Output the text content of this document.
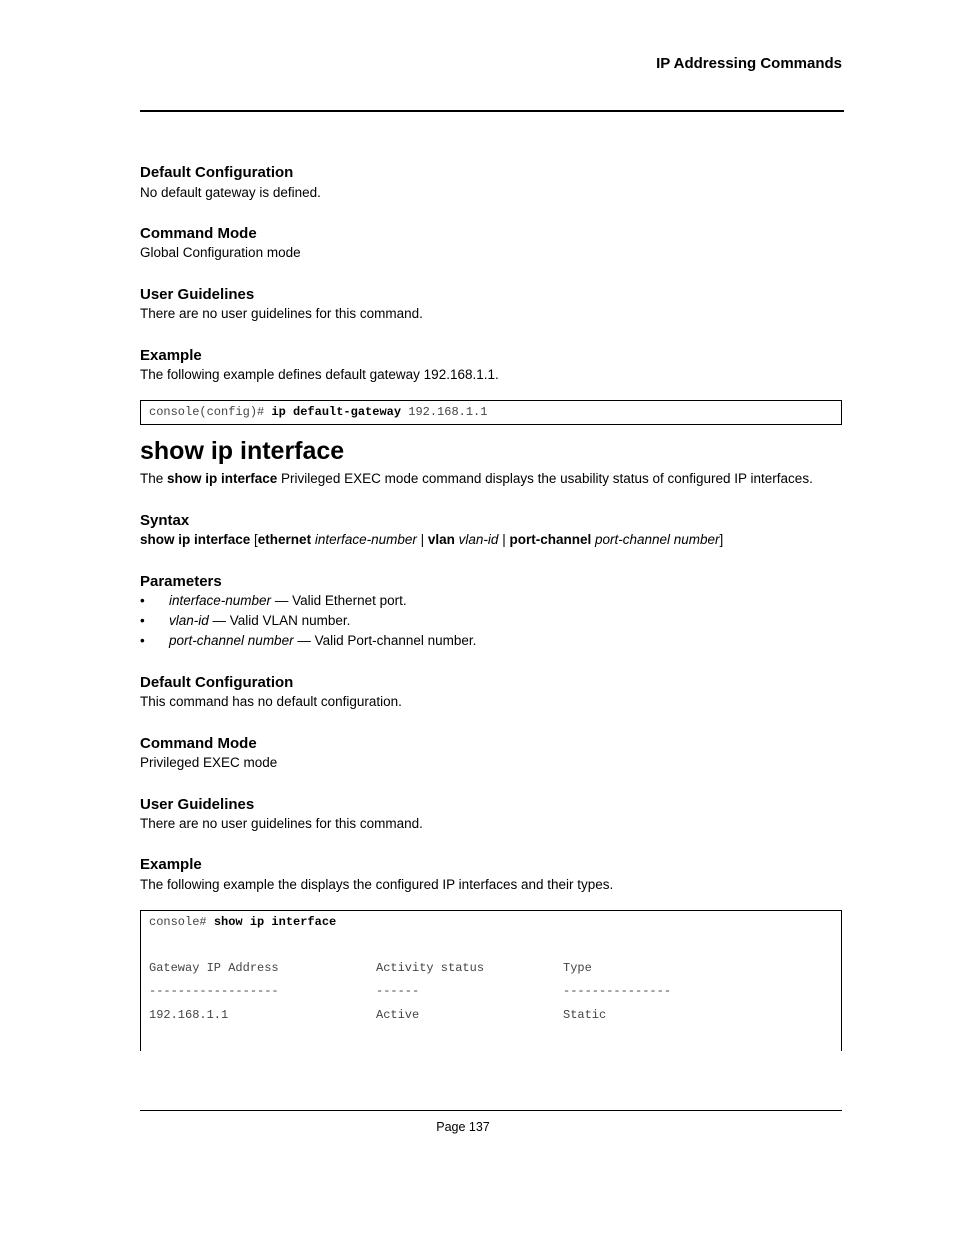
IP Addressing Commands
Default Configuration
No default gateway is defined.
Command Mode
Global Configuration mode
User Guidelines
There are no user guidelines for this command.
Example
The following example defines default gateway 192.168.1.1.
console(config)# ip default-gateway 192.168.1.1
show ip interface
The show ip interface Privileged EXEC mode command displays the usability status of configured IP interfaces.
Syntax
show ip interface [ethernet interface-number | vlan vlan-id | port-channel port-channel number]
Parameters
• interface-number — Valid Ethernet port.
• vlan-id — Valid VLAN number.
• port-channel number — Valid Port-channel number.
Default Configuration
This command has no default configuration.
Command Mode
Privileged EXEC mode
User Guidelines
There are no user guidelines for this command.
Example
The following example the displays the configured IP interfaces and their types.
console# show ip interface
Gateway IP Address	Activity status	Type
------------------	------	---------------
192.168.1.1	Active	Static
Page 137
